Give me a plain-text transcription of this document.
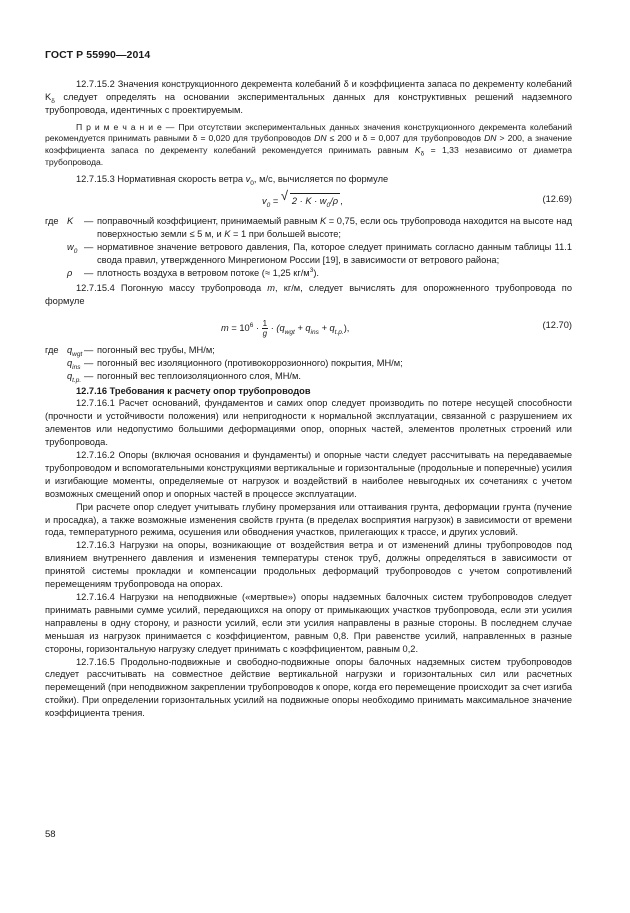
ГОСТ Р 55990—2014

12.7.15.2 Значения конструкционного декремента колебаний δ и коэффициента запаса по декременту колебаний $K_\delta$ следует определять на основании экспериментальных данных для конструктивных решений надземного трубопровода, идентичных с проектируемым.

П р и м е ч а н и е — При отсутствии экспериментальных данных значения конструкционного декремента колебаний рекомендуется принимать равными δ = 0,020 для трубопроводов DN ≤ 200 и δ = 0,007 для трубопроводов DN > 200, а значение коэффициента запаса по декременту колебаний рекомендуется принимать равным $K_\delta = 1,33$ независимо от диаметра трубопровода.

12.7.15.3 Нормативная скорость ветра $v_0$, м/с, вычисляется по формуле

$v_0$ = √ $2 \cdot K \cdot w_0/\rho$ ,	(12.69)
где K	— поправочный коэффициент, принимаемый равным K = 0,75, если ось трубопровода находится на высоте над поверхностью земли ≤ 5 м, и K = 1 при большей высоте;
$w_0$ — нормативное значение ветрового давления, Па, которое следует принимать согласно данным таблицы 11.1 свода правил, утвержденного Минрегионом России [19], в зависимости от ветрового района;
ρ	— плотность воздуха в ветровом потоке (≈ 1,25 $кг/м^3$).

12.7.15.4 Погонную массу трубопровода m, кг/м, следует вычислять для опорожненного трубопровода по формуле

$m = 10^6 \cdot \frac{1}{g} \cdot (q_{wgt} + q_{ins} + q_{t.p.})$,	(12.70)
где $q_{wgt}$ — погонный вес трубы, МН/м;
$q_{ins}$ — погонный вес изоляционного (противокоррозионного) покрытия, МН/м;
$q_{t.p.}$ — погонный вес теплоизоляционного слоя, МН/м.

12.7.16 Требования к расчету опор трубопроводов

12.7.16.1 Расчет оснований, фундаментов и самих опор следует производить по потере несущей способности (прочности и устойчивости положения) или непригодности к нормальной эксплуатации, связанной с разрушением их элементов или недопустимо большими деформациями опор, опорных частей, элементов пролетных строений или трубопровода.

12.7.16.2 Опоры (включая основания и фундаменты) и опорные части следует рассчитывать на передаваемые трубопроводом и вспомогательными конструкциями вертикальные и горизонтальные (продольные и поперечные) усилия и изгибающие моменты, определяемые от нагрузок и воздействий в наиболее невыгодных их сочетаниях с учетом возможных смещений опор и опорных частей в процессе эксплуатации.

При расчете опор следует учитывать глубину промерзания или оттаивания грунта, деформации грунта (пучение и просадка), а также возможные изменения свойств грунта (в пределах восприятия нагрузок) в зависимости от времени года, температурного режима, осушения или обводнения участков, прилегающих к трассе, и других условий.

12.7.16.3 Нагрузки на опоры, возникающие от воздействия ветра и от изменений длины трубопроводов под влиянием внутреннего давления и изменения температуры стенок труб, должны определяться в зависимости от принятой системы прокладки и компенсации продольных деформаций трубопроводов с учетом сопротивлений перемещениям трубопровода на опорах.

12.7.16.4 Нагрузки на неподвижные («мертвые») опоры надземных балочных систем трубопроводов следует принимать равными сумме усилий, передающихся на опору от примыкающих участков трубопровода, если эти усилия направлены в одну сторону, и разности усилий, если эти усилия направлены в разные стороны. В последнем случае меньшая из нагрузок принимается с коэффициентом, равным 0,8. При равенстве усилий, направленных в разные стороны, горизонтальную нагрузку следует принимать с коэффициентом, равным 0,2.

12.7.16.5 Продольно-подвижные и свободно-подвижные опоры балочных надземных систем трубопроводов следует рассчитывать на совместное действие вертикальной нагрузки и горизонтальных сил или расчетных перемещений (при неподвижном закреплении трубопроводов к опоре, когда его перемещение происходит за счет изгиба стойки). При определении горизонтальных усилий на подвижные опоры необходимо принимать максимальное значение коэффициента трения.

58
